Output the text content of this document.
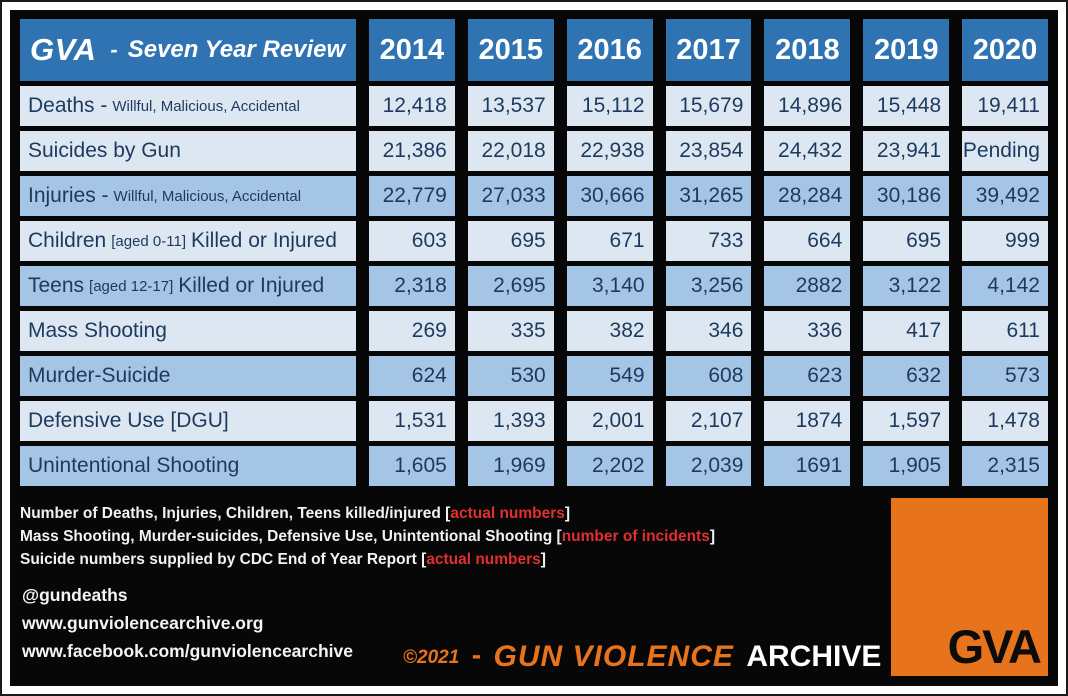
GVA - Seven Year Review	2014	2015	2016	2017	2018	2019	2020
Deaths - Willful, Malicious, Accidental	12,418	13,537	15,112	15,679	14,896	15,448	19,411
Suicides by Gun	21,386	22,018	22,938	23,854	24,432	23,941	Pending
Injuries - Willful, Malicious, Accidental	22,779	27,033	30,666	31,265	28,284	30,186	39,492
Children [aged 0-11] Killed or Injured	603	695	671	733	664	695	999
Teens [aged 12-17] Killed or Injured	2,318	2,695	3,140	3,256	2882	3,122	4,142
Mass Shooting	269	335	382	346	336	417	611
Murder-Suicide	624	530	549	608	623	632	573
Defensive Use [DGU]	1,531	1,393	2,001	2,107	1874	1,597	1,478
Unintentional Shooting	1,605	1,969	2,202	2,039	1691	1,905	2,315
Number of Deaths, Injuries, Children, Teens killed/injured [actual numbers]
Mass Shooting, Murder-suicides, Defensive Use, Unintentional Shooting [number of incidents]
Suicide numbers supplied by CDC End of Year Report [actual numbers]
@gundeaths
www.gunviolencearchive.org
www.facebook.com/gunviolencearchive	©2021 - GUN VIOLENCE ARCHIVE GVA
